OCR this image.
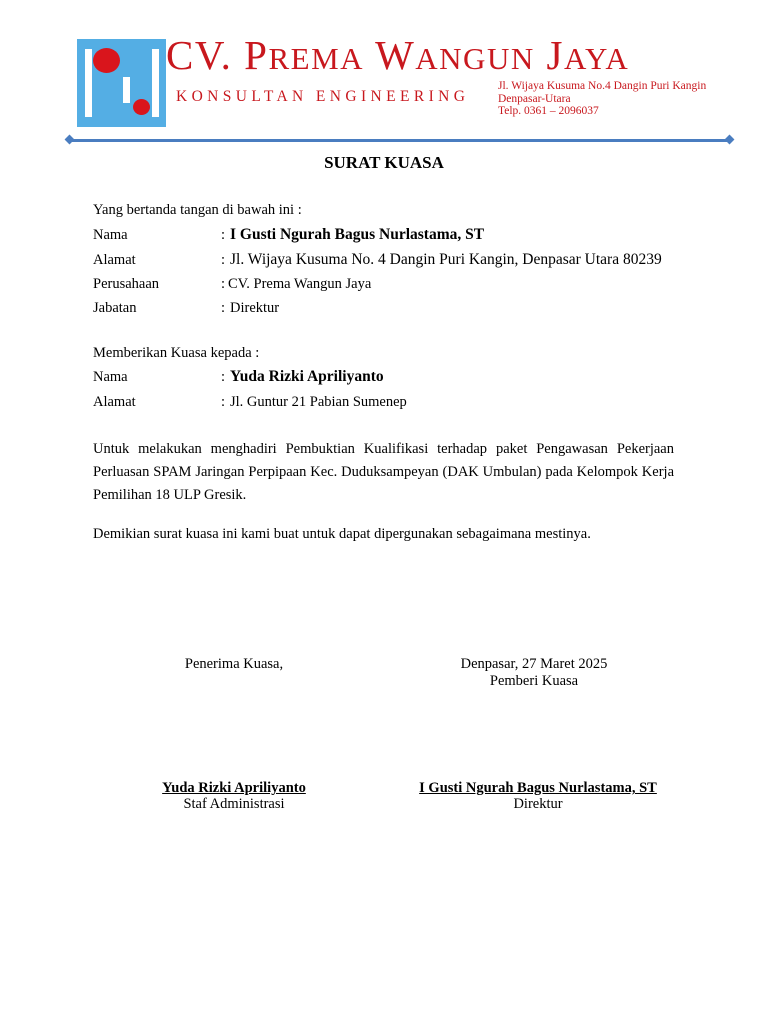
CV. PREMA WANGUN JAYA
KONSULTAN ENGINEERING
Jl. Wijaya Kusuma No.4 Dangin Puri Kangin
Denpasar-Utara
Telp. 0361 – 2096037
SURAT KUASA
Yang bertanda tangan di bawah ini :
Nama	: I Gusti Ngurah Bagus Nurlastama, ST
Alamat	: Jl. Wijaya Kusuma No. 4 Dangin Puri Kangin, Denpasar Utara 80239
Perusahaan	: CV. Prema Wangun Jaya
Jabatan	: Direktur
Memberikan Kuasa kepada :
Nama	: Yuda Rizki Apriliyanto
Alamat	: Jl. Guntur 21 Pabian Sumenep
Untuk melakukan menghadiri Pembuktian Kualifikasi terhadap paket Pengawasan Pekerjaan Perluasan SPAM Jaringan Perpipaan Kec. Duduksampeyan (DAK Umbulan) pada Kelompok Kerja Pemilihan 18 ULP Gresik.
Demikian surat kuasa ini kami buat untuk dapat dipergunakan sebagaimana mestinya.
Penerima Kuasa,	Denpasar, 27 Maret 2025
Pemberi Kuasa
Yuda Rizki Apriliyanto
Staf Administrasi
I Gusti Ngurah Bagus Nurlastama, ST
Direktur
